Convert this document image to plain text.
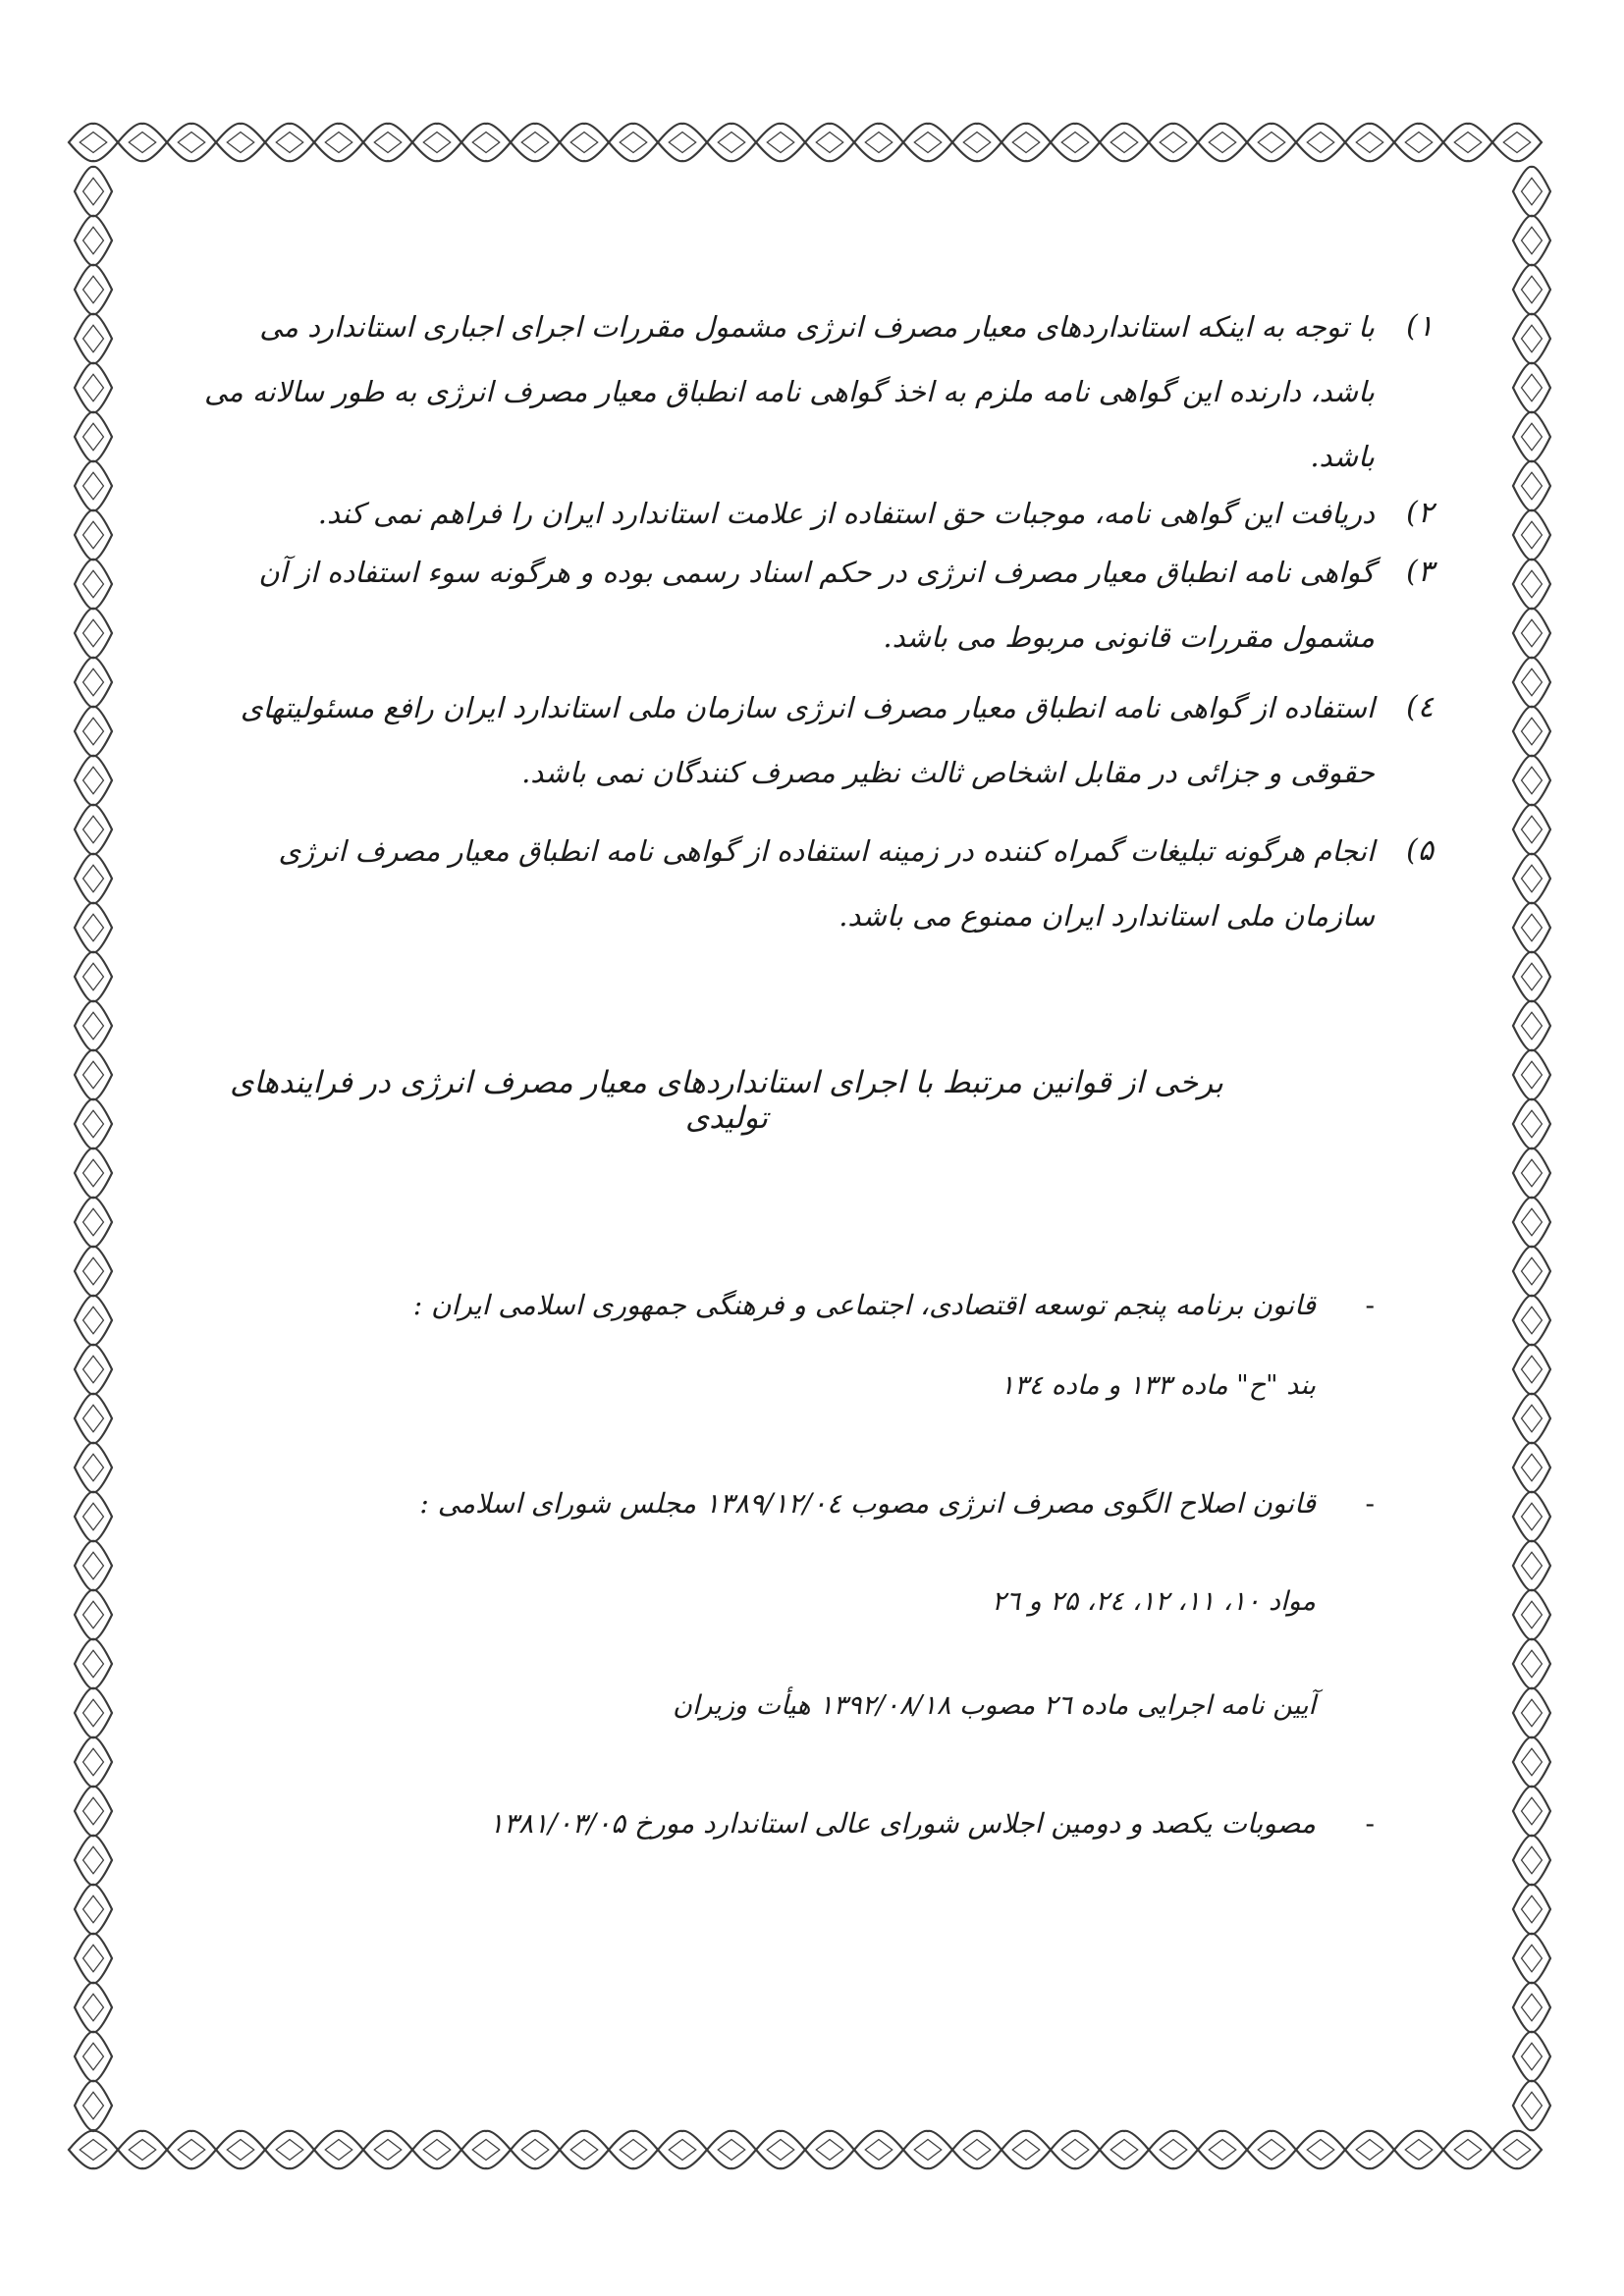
۱)
با توجه به اینکه استانداردهای معیار مصرف انرژی مشمول مقررات اجرای اجباری استاندارد می باشد، دارنده این گواهی نامه ملزم به اخذ گواهی نامه انطباق معیار مصرف انرژی به طور سالانه می باشد.
۲)
دریافت این گواهی نامه، موجبات حق استفاده از علامت استاندارد ایران را فراهم نمی کند.
۳)
گواهی نامه انطباق معیار مصرف انرژی در حکم اسناد رسمی بوده و هرگونه سوء استفاده از آن مشمول مقررات قانونی مربوط می باشد.
٤)
استفاده از گواهی نامه انطباق معیار مصرف انرژی سازمان ملی استاندارد ایران رافع مسئولیتهای حقوقی و جزائی در مقابل اشخاص ثالث نظیر مصرف کنندگان نمی باشد.
۵)
انجام هرگونه تبلیغات گمراه کننده در زمینه استفاده از گواهی نامه انطباق معیار مصرف انرژی سازمان ملی استاندارد ایران ممنوع می باشد.
برخی از قوانین مرتبط با اجرای استانداردهای معیار مصرف انرژی در فرایندهای تولیدی
-
قانون برنامه پنجم توسعه اقتصادی، اجتماعی و فرهنگی جمهوری اسلامی ایران :
بند "ح" ماده ۱۳۳ و ماده ۱۳٤
-
قانون اصلاح الگوی مصرف انرژی مصوب ۱۳۸۹/۱۲/۰٤ مجلس شورای اسلامی :
مواد ۱۰، ۱۱، ۱۲، ۲٤، ۲۵ و ۲٦
آیین نامه اجرایی ماده ۲٦ مصوب ۱۳۹۲/۰۸/۱۸ هیأت وزیران
-
مصوبات یکصد و دومین اجلاس شورای عالی استاندارد مورخ ۱۳۸۱/۰۳/۰۵
